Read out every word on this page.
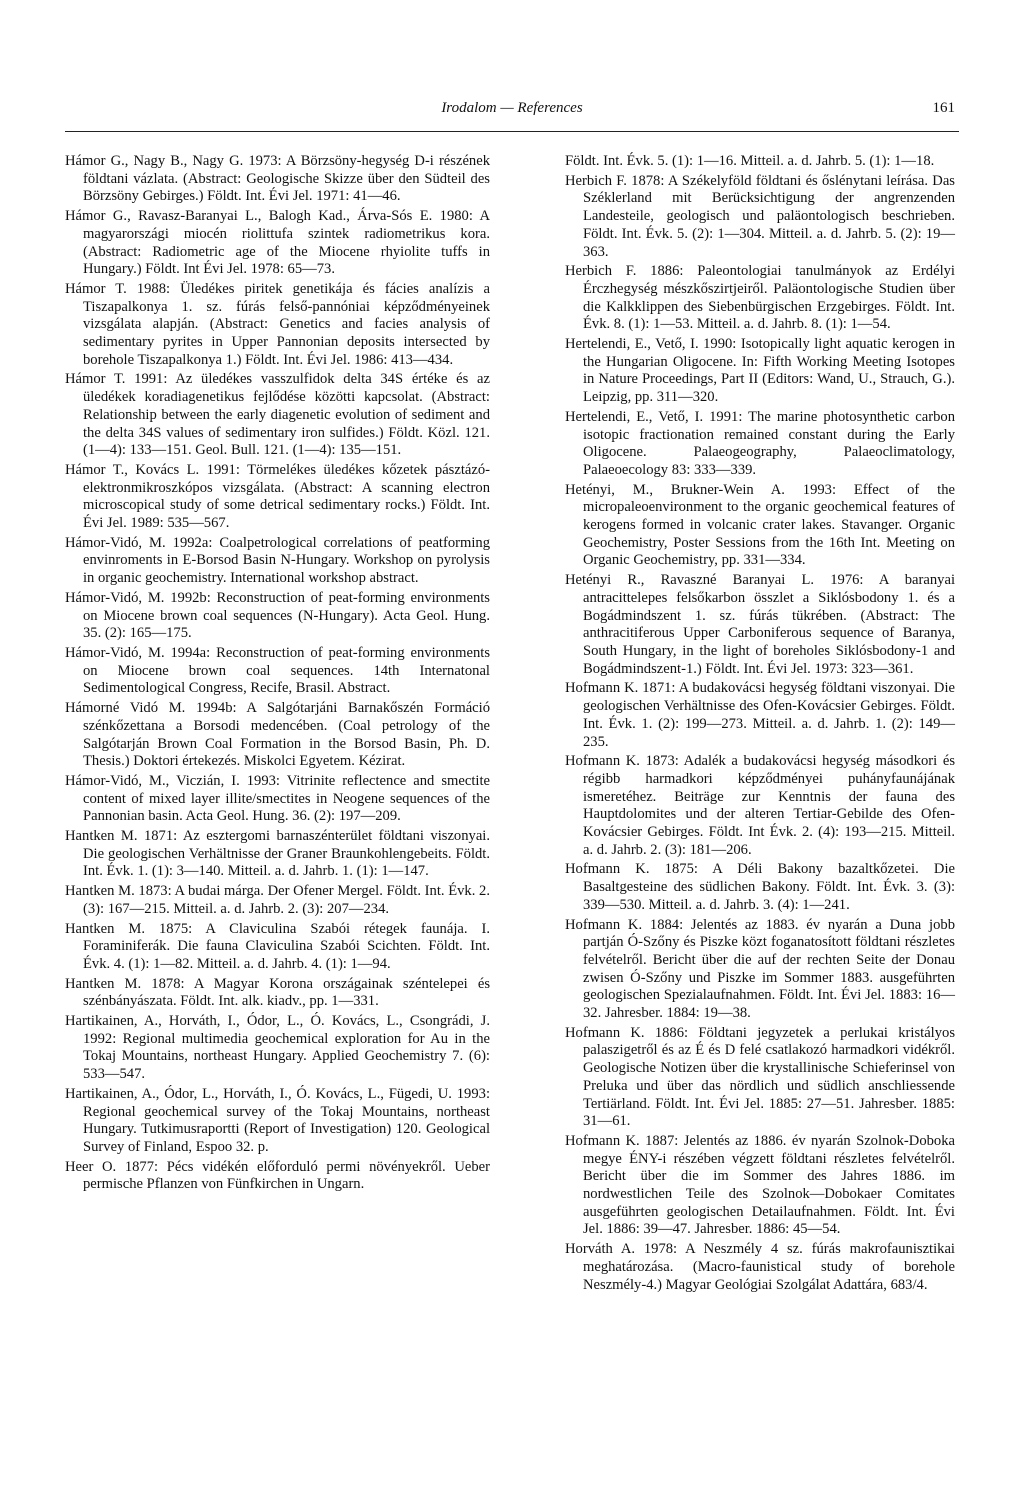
Irodalom — References	161

Hámor G., Nagy B., Nagy G. 1973: A Börzsöny-hegység D-i részének földtani vázlata. (Abstract: Geologische Skizze über den Südteil des Börzsöny Gebirges.) Földt. Int. Évi Jel. 1971: 41—46.

Hámor G., Ravasz-Baranyai L., Balogh Kad., Árva-Sós E. 1980: A magyarországi miocén riolittufa szintek radiometrikus kora. (Abstract: Radiometric age of the Miocene rhyiolite tuffs in Hungary.) Földt. Int Évi Jel. 1978: 65—73.

Hámor T. 1988: Üledékes piritek genetikája és fácies analízis a Tiszapalkonya 1. sz. fúrás felső-pannóniai képződményeinek vizsgálata alapján. (Abstract: Genetics and facies analysis of sedimentary pyrites in Upper Pannonian deposits intersected by borehole Tiszapalkonya 1.) Földt. Int. Évi Jel. 1986: 413—434.

Hámor T. 1991: Az üledékes vasszulfidok delta 34S értéke és az üledékek koradiagenetikus fejlődése közötti kapcsolat. (Abstract: Relationship between the early diagenetic evolution of sediment and the delta 34S values of sedimentary iron sulfides.) Földt. Közl. 121. (1—4): 133—151. Geol. Bull. 121. (1—4): 135—151.

Hámor T., Kovács L. 1991: Törmelékes üledékes kőzetek pásztázó-elektronmikroszkópos vizsgálata. (Abstract: A scanning electron microscopical study of some detrical sedimentary rocks.) Földt. Int. Évi Jel. 1989: 535—567.

Hámor-Vidó, M. 1992a: Coalpetrological correlations of peatforming envinroments in E-Borsod Basin N-Hungary. Workshop on pyrolysis in organic geochemistry. International workshop abstract.

Hámor-Vidó, M. 1992b: Reconstruction of peat-forming environments on Miocene brown coal sequences (N-Hungary). Acta Geol. Hung. 35. (2): 165—175.

Hámor-Vidó, M. 1994a: Reconstruction of peat-forming environments on Miocene brown coal sequences. 14th Internatonal Sedimentological Congress, Recife, Brasil. Abstract.

Hámorné Vidó M. 1994b: A Salgótarjáni Barnakőszén Formáció szénkőzettana a Borsodi medencében. (Coal petrology of the Salgótarján Brown Coal Formation in the Borsod Basin, Ph. D. Thesis.) Doktori értekezés. Miskolci Egyetem. Kézirat.

Hámor-Vidó, M., Viczián, I. 1993: Vitrinite reflectence and smectite content of mixed layer illite/smectites in Neogene sequences of the Pannonian basin. Acta Geol. Hung. 36. (2): 197—209.

Hantken M. 1871: Az esztergomi barnaszénterület földtani viszonyai. Die geologischen Verhältnisse der Graner Braunkohlengebeits. Földt. Int. Évk. 1. (1): 3—140. Mitteil. a. d. Jahrb. 1. (1): 1—147.

Hantken M. 1873: A budai márga. Der Ofener Mergel. Földt. Int. Évk. 2. (3): 167—215. Mitteil. a. d. Jahrb. 2. (3): 207—234.

Hantken M. 1875: A Claviculina Szabói rétegek faunája. I. Foraminiferák. Die fauna Claviculina Szabói Scichten. Földt. Int. Évk. 4. (1): 1—82. Mitteil. a. d. Jahrb. 4. (1): 1—94.

Hantken M. 1878: A Magyar Korona országainak széntelepei és szénbányászata. Földt. Int. alk. kiadv., pp. 1—331.

Hartikainen, A., Horváth, I., Ódor, L., Ó. Kovács, L., Csongrádi, J. 1992: Regional multimedia geochemical exploration for Au in the Tokaj Mountains, northeast Hungary. Applied Geochemistry 7. (6): 533—547.

Hartikainen, A., Ódor, L., Horváth, I., Ó. Kovács, L., Fügedi, U. 1993: Regional geochemical survey of the Tokaj Mountains, northeast Hungary. Tutkimusraportti (Report of Investigation) 120. Geological Survey of Finland, Espoo 32. p.

Heer O. 1877: Pécs vidékén előforduló permi növényekről. Ueber permische Pflanzen von Fünfkirchen in Ungarn.

Földt. Int. Évk. 5. (1): 1—16. Mitteil. a. d. Jahrb. 5. (1): 1—18.

Herbich F. 1878: A Székelyföld földtani és őslénytani leírása. Das Széklerland mit Berücksichtigung der angrenzenden Landesteile, geologisch und paläontologisch beschrieben. Földt. Int. Évk. 5. (2): 1—304. Mitteil. a. d. Jahrb. 5. (2): 19—363.

Herbich F. 1886: Paleontologiai tanulmányok az Erdélyi Érczhegység mészkőszirtjeiről. Paläontologische Studien über die Kalkklippen des Siebenbürgischen Erzgebirges. Földt. Int. Évk. 8. (1): 1—53. Mitteil. a. d. Jahrb. 8. (1): 1—54.

Hertelendi, E., Vető, I. 1990: Isotopically light aquatic kerogen in the Hungarian Oligocene. In: Fifth Working Meeting Isotopes in Nature Proceedings, Part II (Editors: Wand, U., Strauch, G.). Leipzig, pp. 311—320.

Hertelendi, E., Vető, I. 1991: The marine photosynthetic carbon isotopic fractionation remained constant during the Early Oligocene. Palaeogeography, Palaeoclimatology, Palaeoecology 83: 333—339.

Hetényi, M., Brukner-Wein A. 1993: Effect of the micropaleoenvironment to the organic geochemical features of kerogens formed in volcanic crater lakes. Stavanger. Organic Geochemistry, Poster Sessions from the 16th Int. Meeting on Organic Geochemistry, pp. 331—334.

Hetényi R., Ravaszné Baranyai L. 1976: A baranyai antracittelepes felsőkarbon összlet a Siklósbodony 1. és a Bogádmindszent 1. sz. fúrás tükrében. (Abstract: The anthracitiferous Upper Carboniferous sequence of Baranya, South Hungary, in the light of boreholes Siklósbodony-1 and Bogádmindszent-1.) Földt. Int. Évi Jel. 1973: 323—361.

Hofmann K. 1871: A budakovácsi hegység földtani viszonyai. Die geologischen Verhältnisse des Ofen-Kovácsier Gebirges. Földt. Int. Évk. 1. (2): 199—273. Mitteil. a. d. Jahrb. 1. (2): 149—235.

Hofmann K. 1873: Adalék a budakovácsi hegység másodkori és régibb harmadkori képződményei puhányfaunájának ismeretéhez. Beiträge zur Kenntnis der fauna des Hauptdolomites und der alteren Tertiar-Gebilde des Ofen-Kovácsier Gebirges. Földt. Int Évk. 2. (4): 193—215. Mitteil. a. d. Jahrb. 2. (3): 181—206.

Hofmann K. 1875: A Déli Bakony bazaltkőzetei. Die Basaltgesteine des südlichen Bakony. Földt. Int. Évk. 3. (3): 339—530. Mitteil. a. d. Jahrb. 3. (4): 1—241.

Hofmann K. 1884: Jelentés az 1883. év nyarán a Duna jobb partján Ó-Szőny és Piszke közt foganatosított földtani részletes felvételről. Bericht über die auf der rechten Seite der Donau zwisen Ó-Szőny und Piszke im Sommer 1883. ausgeführten geologischen Spezialaufnahmen. Földt. Int. Évi Jel. 1883: 16—32. Jahresber. 1884: 19—38.

Hofmann K. 1886: Földtani jegyzetek a perlukai kristályos palaszigetről és az É és D felé csatlakozó harmadkori vidékről. Geologische Notizen über die krystallinische Schieferinsel von Preluka und über das nördlich und südlich anschliessende Tertiärland. Földt. Int. Évi Jel. 1885: 27—51. Jahresber. 1885: 31—61.

Hofmann K. 1887: Jelentés az 1886. év nyarán Szolnok-Doboka megye ÉNY-i részében végzett földtani részletes felvételről. Bericht über die im Sommer des Jahres 1886. im nordwestlichen Teile des Szolnok—Dobokaer Comitates ausgeführten geologischen Detailaufnahmen. Földt. Int. Évi Jel. 1886: 39—47. Jahresber. 1886: 45—54.

Horváth A. 1978: A Neszmély 4 sz. fúrás makrofaunisztikai meghatározása. (Macro-faunistical study of borehole Neszmély-4.) Magyar Geológiai Szolgálat Adattára, 683/4.
